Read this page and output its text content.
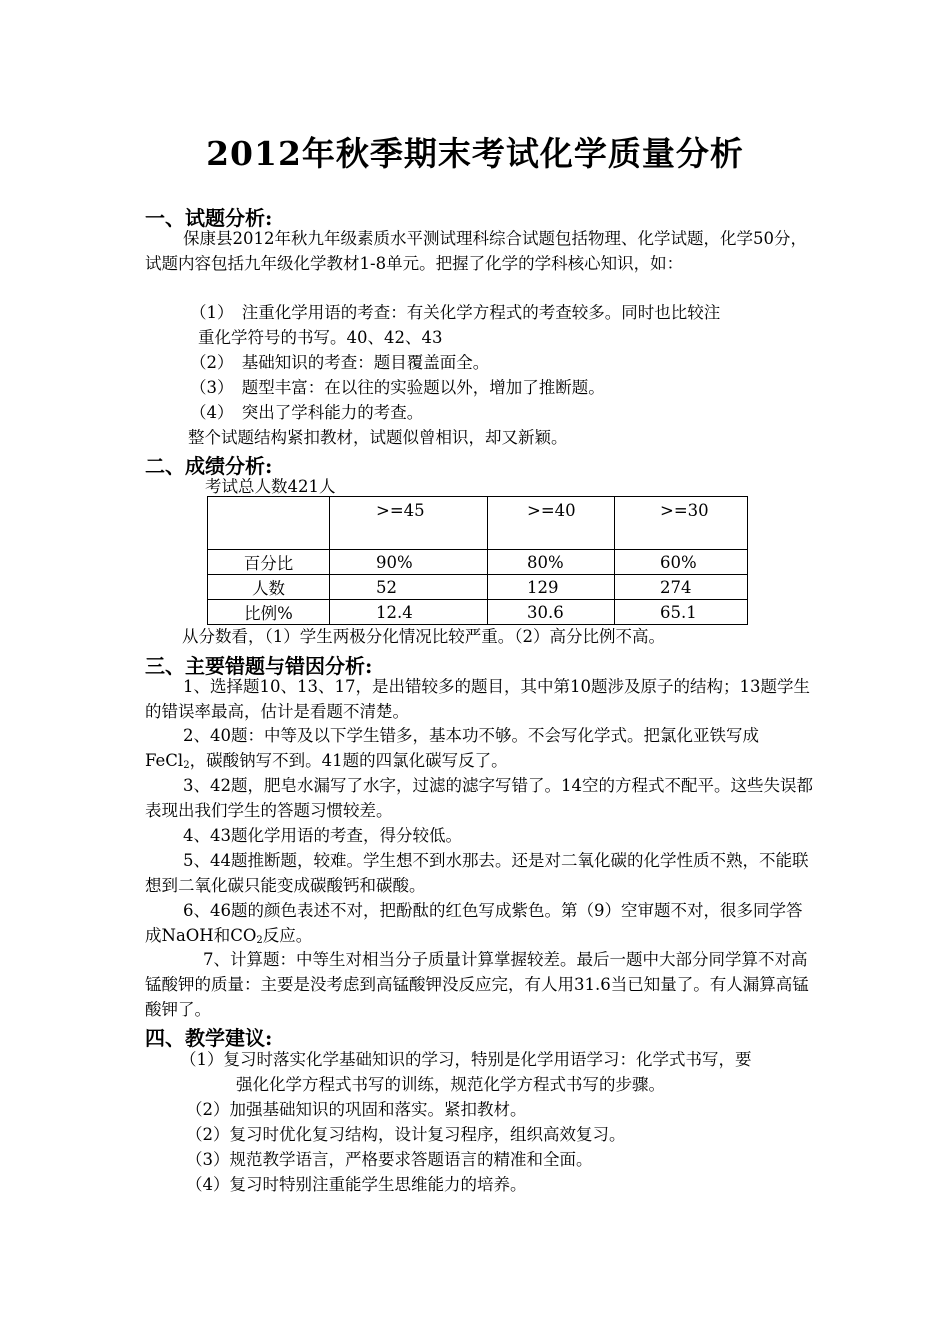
2012年秋季期末考试化学质量分析
一、试题分析:
保康县2012年秋九年级素质水平测试理科综合试题包括物理、化学试题，化学50分，试题内容包括九年级化学教材1-8单元。把握了化学的学科核心知识，如：
（1）　注重化学用语的考查：有关化学方程式的考查较多。同时也比较注
重化学符号的书写。40、42、43
（2）　基础知识的考查：题目覆盖面全。
（3）　题型丰富：在以往的实验题以外，增加了推断题。
（4）　突出了学科能力的考查。
整个试题结构紧扣教材，试题似曾相识，却又新颖。
二、成绩分析:
考试总人数421人
	>=45	>=40	>=30
百分比	90%	80%	60%
人数	52	129	274
比例%	12.4	30.6	65.1
从分数看，（1）学生两极分化情况比较严重。（2）高分比例不高。
三、主要错题与错因分析:
1、选择题10、13、17，是出错较多的题目，其中第10题涉及原子的结构；13题学生的错误率最高，估计是看题不清楚。
2、40题：中等及以下学生错多，基本功不够。不会写化学式。把氯化亚铁写成FeCl$_2$，碳酸钠写不到。41题的四氯化碳写反了。
3、42题，肥皂水漏写了水字，过滤的滤字写错了。14空的方程式不配平。这些失误都表现出我们学生的答题习惯较差。
4、43题化学用语的考查，得分较低。
5、44题推断题，较难。学生想不到水那去。还是对二氧化碳的化学性质不熟，不能联想到二氧化碳只能变成碳酸钙和碳酸。
6、46题的颜色表述不对，把酚酞的红色写成紫色。第（9）空审题不对，很多同学答成NaOH和$CO_2$反应。
7、计算题：中等生对相当分子质量计算掌握较差。最后一题中大部分同学算不对高锰酸钾的质量：主要是没考虑到高锰酸钾没反应完，有人用31.6当已知量了。有人漏算高锰酸钾了。
四、教学建议:
（1）复习时落实化学基础知识的学习，特别是化学用语学习：化学式书写，要
强化化学方程式书写的训练，规范化学方程式书写的步骤。
（2）加强基础知识的巩固和落实。紧扣教材。
（2）复习时优化复习结构，设计复习程序，组织高效复习。
（3）规范教学语言，严格要求答题语言的精准和全面。
（4）复习时特别注重能学生思维能力的培养。
